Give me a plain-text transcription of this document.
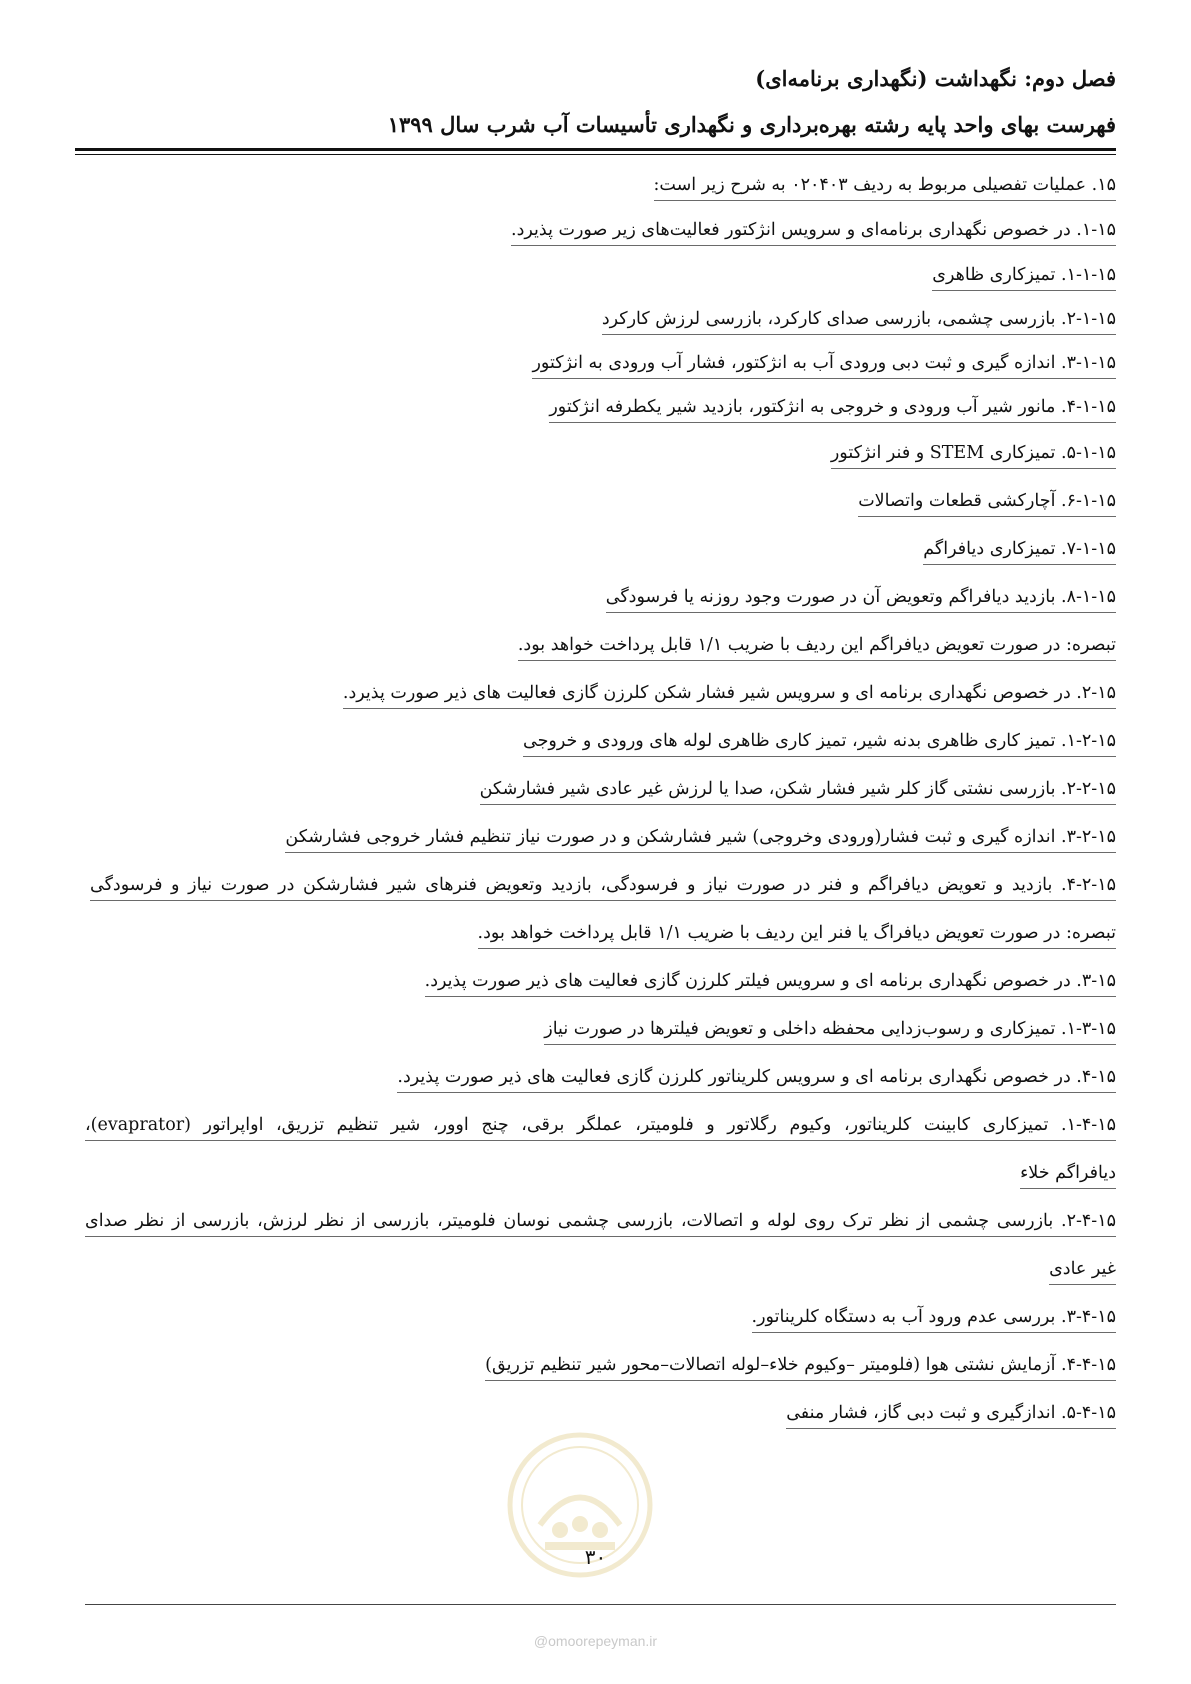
فصل دوم: نگهداشت (نگهداری برنامه‌ای)
فهرست بهای واحد پایه رشته بهره‌برداری و نگهداری تأسیسات آب شرب سال ۱۳۹۹
۱۵. عملیات تفصیلی مربوط به ردیف ۰۲۰۴۰۳ به شرح زیر است:
۱-۱۵. در خصوص نگهداری برنامه‌ای و سرویس انژکتور فعالیت‌های زیر صورت پذیرد.
۱-۱-۱۵. تمیزکاری ظاهری
۲-۱-۱۵. بازرسی چشمی، بازرسی صدای کارکرد، بازرسی لرزش کارکرد
۳-۱-۱۵. اندازه گیری و ثبت دبی ورودی آب به انژکتور، فشار آب ورودی به انژکتور
۴-۱-۱۵. مانور شیر آب ورودی و خروجی به انژکتور، بازدید شیر یکطرفه انژکتور
۵-۱-۱۵. تمیزکاری STEM و فنر انژکتور
۶-۱-۱۵. آچارکشی قطعات واتصالات
۷-۱-۱۵. تمیزکاری دیافراگم
۸-۱-۱۵. بازدید دیافراگم وتعویض آن در صورت وجود روزنه یا فرسودگی
تبصره: در صورت تعویض دیافراگم این ردیف با ضریب ۱/۱ قابل پرداخت خواهد بود.
۲-۱۵. در خصوص نگهداری برنامه ای و سرویس شیر فشار شکن کلرزن گازی فعالیت های ذیر صورت پذیرد.
۱-۲-۱۵. تمیز کاری ظاهری بدنه شیر، تمیز کاری ظاهری لوله های ورودی و خروجی
۲-۲-۱۵. بازرسی نشتی گاز کلر شیر فشار شکن، صدا یا لرزش غیر عادی شیر فشارشکن
۳-۲-۱۵. اندازه گیری و ثبت فشار(ورودی وخروجی) شیر فشارشکن و در صورت نیاز تنظیم فشار خروجی فشارشکن
۴-۲-۱۵. بازدید و تعویض دیافراگم و فنر در صورت نیاز و فرسودگی، بازدید وتعویض فنرهای شیر فشارشکن در صورت نیاز و فرسودگی
تبصره: در صورت تعویض دیافراگ یا فنر این ردیف با ضریب ۱/۱ قابل پرداخت خواهد بود.
۳-۱۵. در خصوص نگهداری برنامه ای و سرویس فیلتر کلرزن گازی فعالیت های ذیر صورت پذیرد.
۱-۳-۱۵. تمیزکاری و رسوب‌زدایی محفظه داخلی و تعویض فیلترها در صورت نیاز
۴-۱۵. در خصوص نگهداری برنامه ای و سرویس کلریناتور کلرزن گازی فعالیت های ذیر صورت پذیرد.
۱-۴-۱۵. تمیزکاری کابینت کلریناتور، وکیوم رگلاتور و فلومیتر، عملگر برقی، چنج اوور، شیر تنظیم تزریق، اواپراتور (evaprator)،
دیافراگم خلاء
۲-۴-۱۵. بازرسی چشمی از نظر ترک روی لوله و اتصالات، بازرسی چشمی نوسان فلومیتر، بازرسی از نظر لرزش، بازرسی از نظر صدای
غیر عادی
۳-۴-۱۵. بررسی عدم ورود آب به دستگاه کلریناتور.
۴-۴-۱۵. آزمایش نشتی هوا (فلومیتر –وکیوم خلاء–لوله اتصالات–محور شیر تنظیم تزریق)
۵-۴-۱۵. اندازگیری و ثبت دبی گاز، فشار منفی
۳۰
@omoorepeyman.ir
